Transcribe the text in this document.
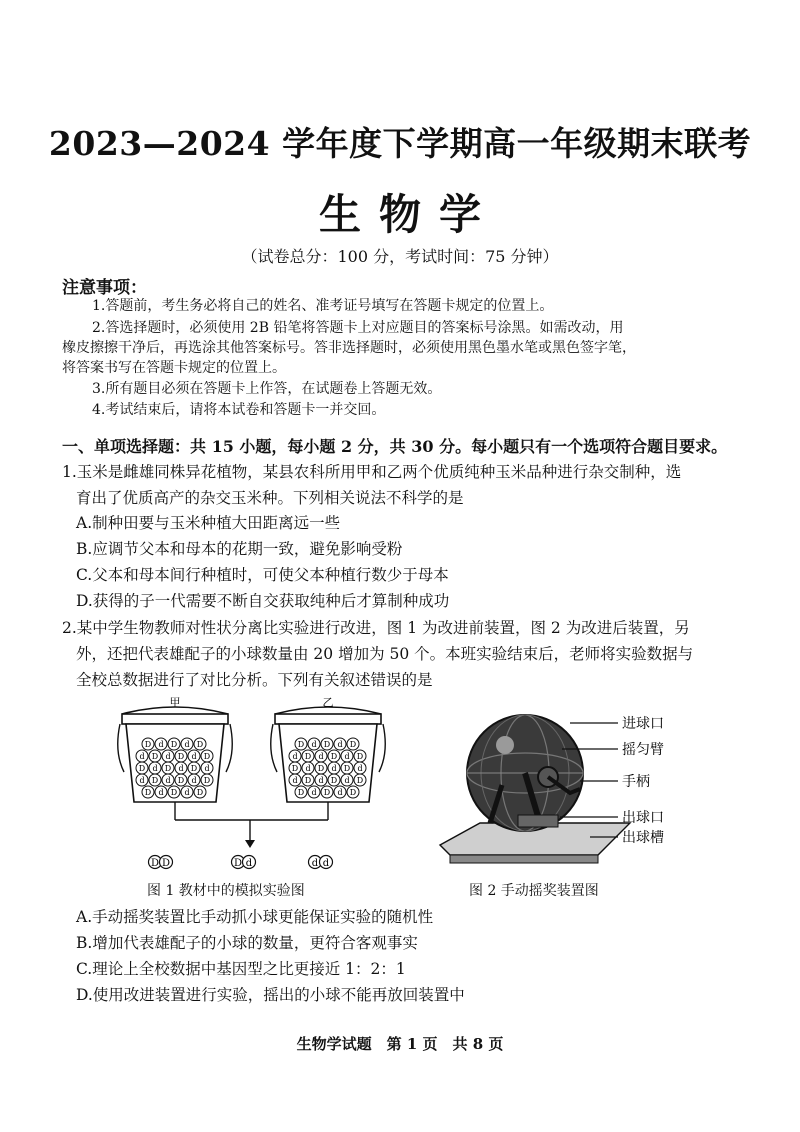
2023—2024 学年度下学期高一年级期末联考
生物学
（试卷总分：100 分，考试时间：75 分钟）
注意事项：
1.答题前，考生务必将自己的姓名、准考证号填写在答题卡规定的位置上。
2.答选择题时，必须使用 2B 铅笔将答题卡上对应题目的答案标号涂黑。如需改动，用
橡皮擦擦干净后，再选涂其他答案标号。答非选择题时，必须使用黑色墨水笔或黑色签字笔，
将答案书写在答题卡规定的位置上。
3.所有题目必须在答题卡上作答，在试题卷上答题无效。
4.考试结束后，请将本试卷和答题卡一并交回。
一、单项选择题：共 15 小题，每小题 2 分，共 30 分。每小题只有一个选项符合题目要求。
1.玉米是雌雄同株异花植物，某县农科所用甲和乙两个优质纯种玉米品种进行杂交制种，选
育出了优质高产的杂交玉米种。下列相关说法不科学的是
A.制种田要与玉米种植大田距离远一些
B.应调节父本和母本的花期一致，避免影响受粉
C.父本和母本间行种植时，可使父本种植行数少于母本
D.获得的子一代需要不断自交获取纯种后才算制种成功
2.某中学生物教师对性状分离比实验进行改进，图 1 为改进前装置，图 2 为改进后装置，另
外，还把代表雄配子的小球数量由 20 增加为 50 个。本班实验结束后，老师将实验数据与
全校总数据进行了对比分析。下列有关叙述错误的是
甲	乙
D d D d D
d D d D d D
D d D d D d
d D d D d D
D d D d D
D d D d D
d D d D d D
D d D d D d
d D d D d D
D d D d D
D D	D d	d d
图 1 教材中的模拟实验图
进球口
摇匀臂
手柄
出球口
出球槽
图 2 手动摇奖装置图
A.手动摇奖装置比手动抓小球更能保证实验的随机性
B.增加代表雄配子的小球的数量，更符合客观事实
C.理论上全校数据中基因型之比更接近 1：2：1
D.使用改进装置进行实验，摇出的小球不能再放回装置中
生物学试题　第 1 页　共 8 页
